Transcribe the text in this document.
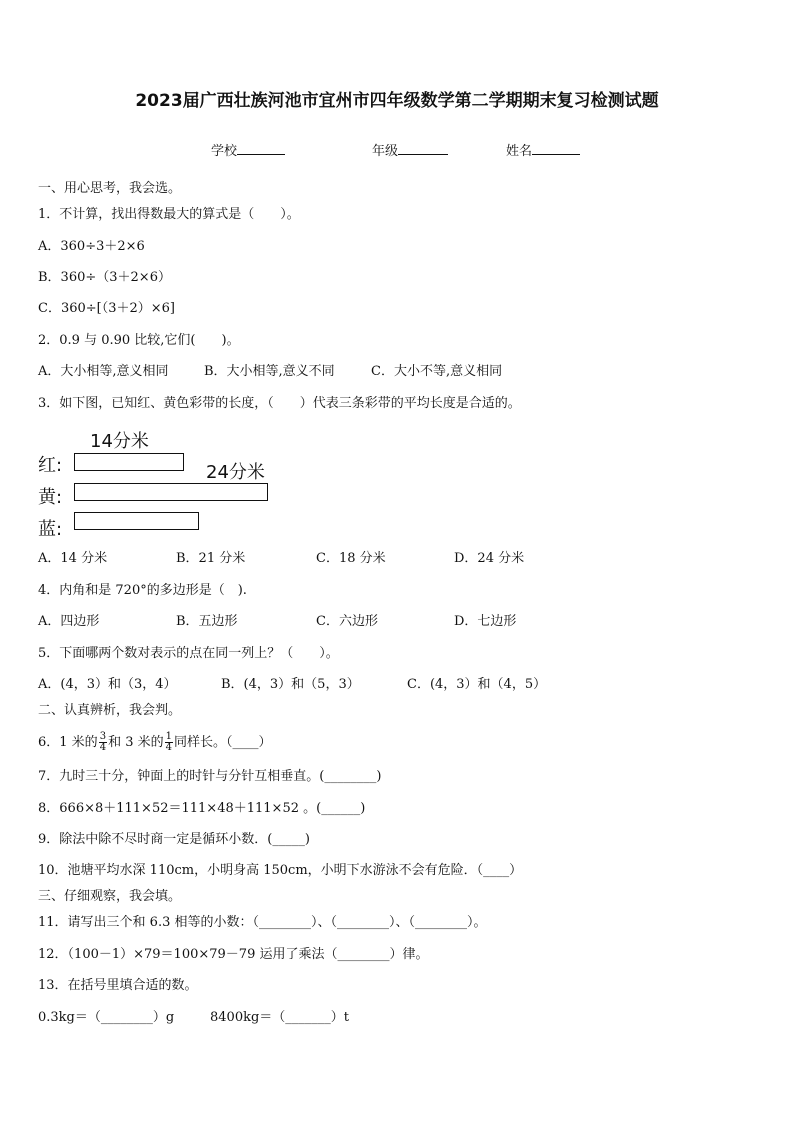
2023届广西壮族河池市宜州市四年级数学第二学期期末复习检测试题
学校	年级	姓名
一、用心思考，我会选。
1．不计算，找出得数最大的算式是（　　）。
A．360÷3＋2×6
B．360÷（3＋2×6）
C．360÷[（3＋2）×6]
2．0.9 与 0.90 比较,它们(　　)。
A．大小相等,意义相同	B．大小相等,意义不同	C．大小不等,意义相同
3．如下图，已知红、黄色彩带的长度，（　　）代表三条彩带的平均长度是合适的。
14分米
24分米
红:
黄:
蓝:
A．14 分米	B．21 分米	C．18 分米	D．24 分米
4．内角和是 720°的多边形是（　).
A．四边形	B．五边形	C．六边形	D．七边形
5．下面哪两个数对表示的点在同一列上？（　　）。
A．(4，3）和（3，4）	B．(4，3）和（5，3）	C．(4，3）和（4，5）
二、认真辨析，我会判。
6．1 米的 $\frac{3}{4}$ 和 3 米的 $\frac{1}{4}$ 同样长。（____）
7．九时三十分，钟面上的时针与分针互相垂直。(________)
8．666×8＋111×52＝111×48＋111×52 。(______)
9．除法中除不尽时商一定是循环小数．(_____)
10．池塘平均水深 110cm，小明身高 150cm，小明下水游泳不会有危险．（____）
三、仔细观察，我会填。
11．请写出三个和 6.3 相等的小数：（________）、（________）、（________）。
12．（100－1）×79＝100×79－79 运用了乘法（________）律。
13．在括号里填合适的数。
0.3kg＝（________）g	8400kg＝（_______）t
